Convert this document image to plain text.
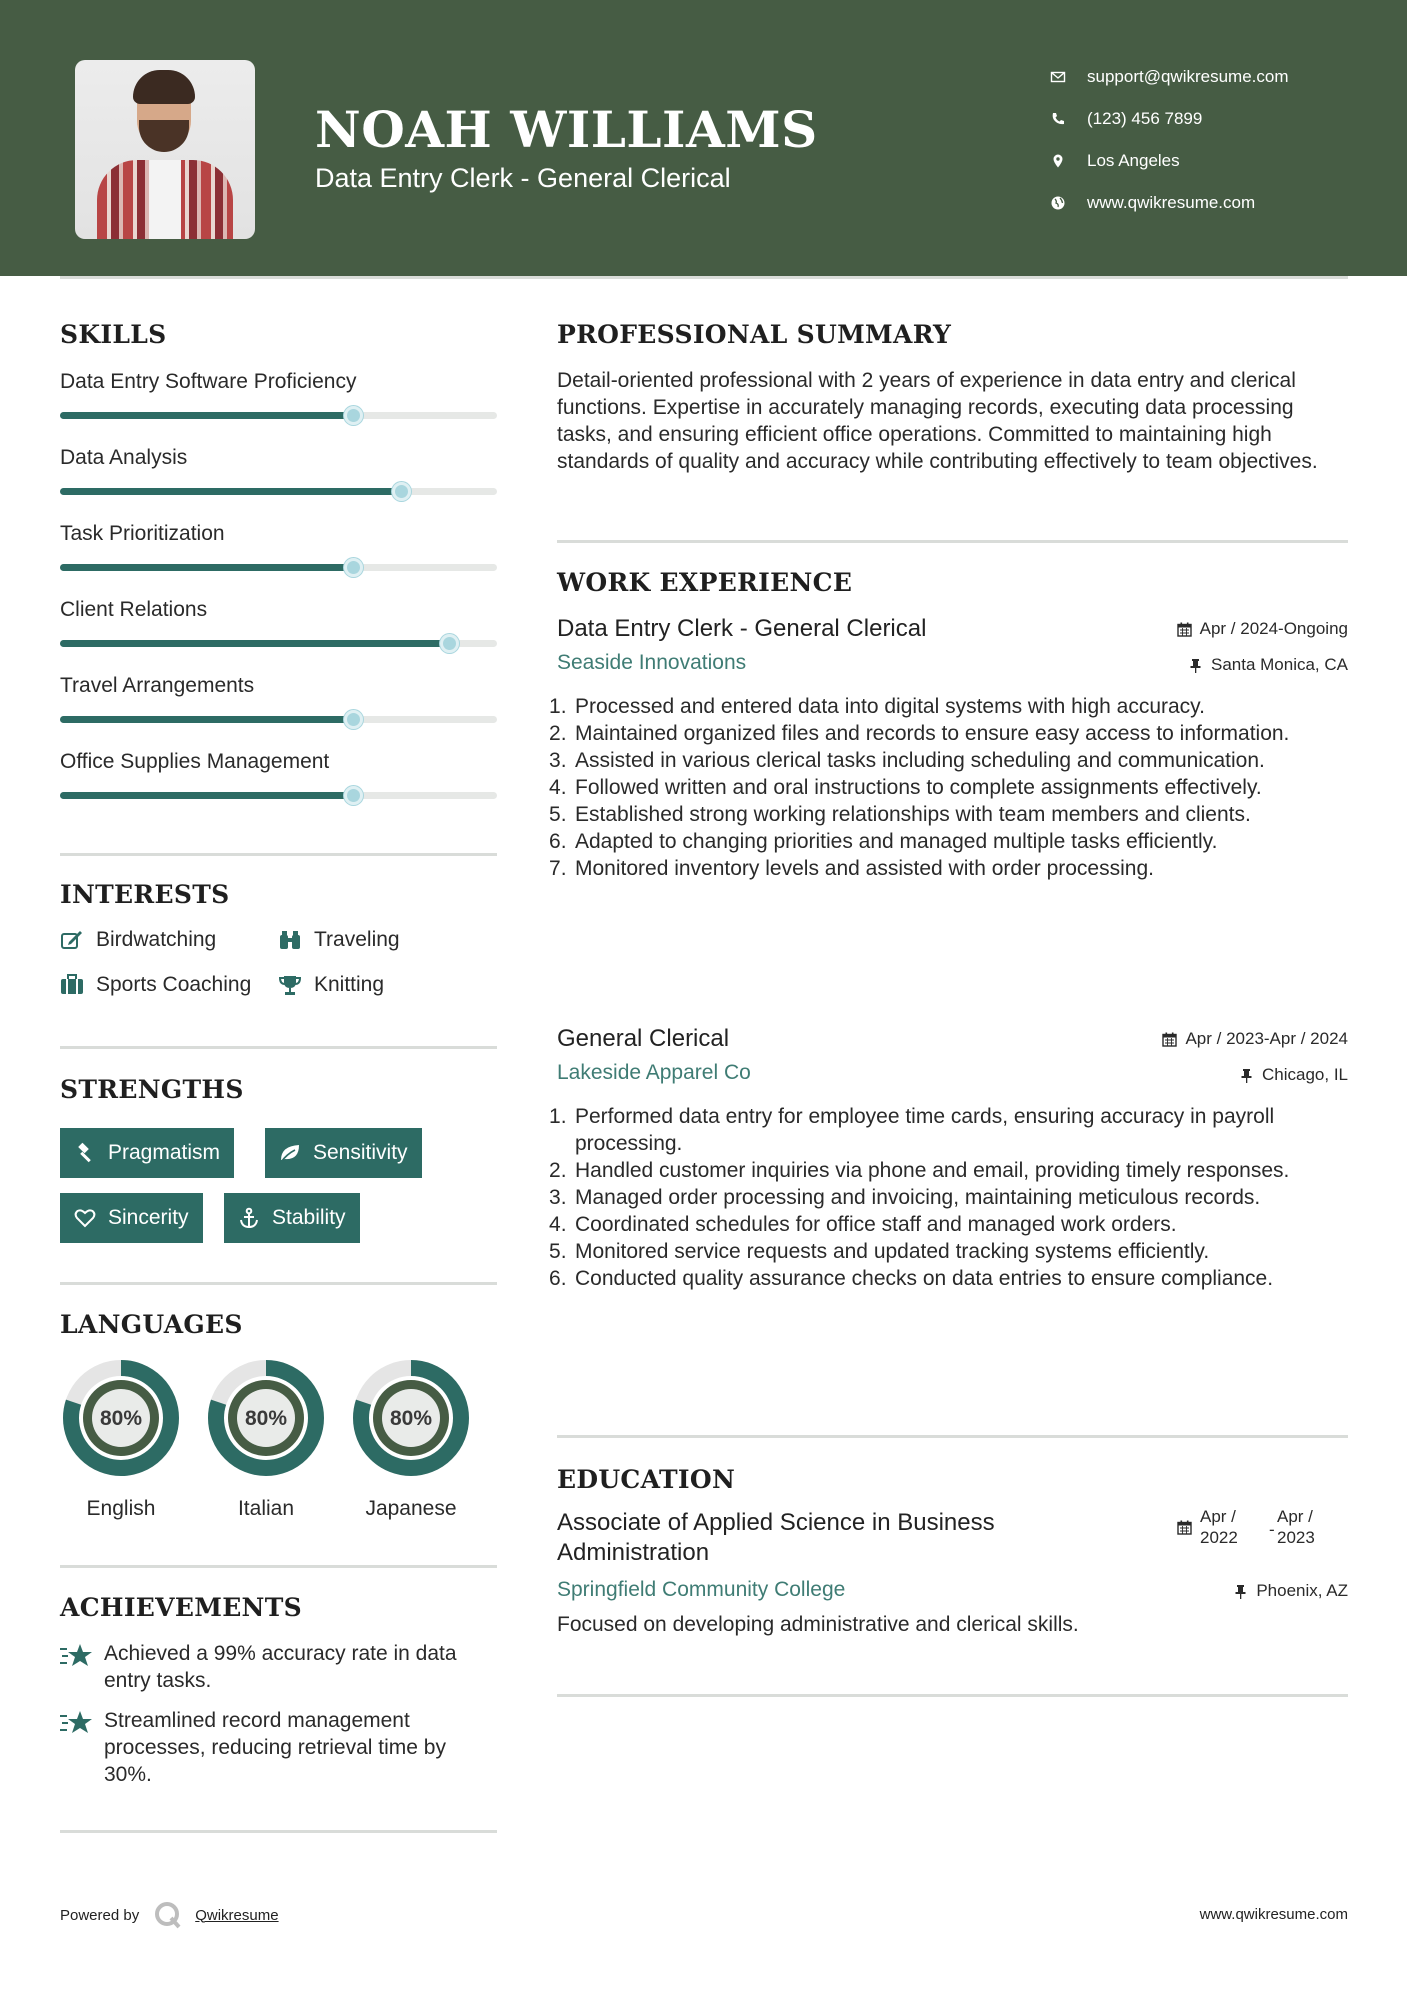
NOAH WILLIAMS
Data Entry Clerk - General Clerical
support@qwikresume.com
(123) 456 7899
Los Angeles
www.qwikresume.com
SKILLS
Data Entry Software Proficiency
Data Analysis
Task Prioritization
Client Relations
Travel Arrangements
Office Supplies Management
INTERESTS
Birdwatching	Traveling
Sports Coaching	Knitting
STRENGTHS
Pragmatism	Sensitivity
Sincerity	Stability
LANGUAGES
80%
English
80%
Italian
80%
Japanese
ACHIEVEMENTS
Achieved a 99% accuracy rate in data entry tasks.
Streamlined record management processes, reducing retrieval time by 30%.
PROFESSIONAL SUMMARY
Detail-oriented professional with 2 years of experience in data entry and clerical functions. Expertise in accurately managing records, executing data processing tasks, and ensuring efficient office operations. Committed to maintaining high standards of quality and accuracy while contributing effectively to team objectives.
WORK EXPERIENCE
Data Entry Clerk - General Clerical	Apr / 2024-Ongoing
Seaside Innovations	Santa Monica, CA
Processed and entered data into digital systems with high accuracy.
Maintained organized files and records to ensure easy access to information.
Assisted in various clerical tasks including scheduling and communication.
Followed written and oral instructions to complete assignments effectively.
Established strong working relationships with team members and clients.
Adapted to changing priorities and managed multiple tasks efficiently.
Monitored inventory levels and assisted with order processing.
General Clerical	Apr / 2023-Apr / 2024
Lakeside Apparel Co	Chicago, IL
Performed data entry for employee time cards, ensuring accuracy in payroll processing.
Handled customer inquiries via phone and email, providing timely responses.
Managed order processing and invoicing, maintaining meticulous records.
Coordinated schedules for office staff and managed work orders.
Monitored service requests and updated tracking systems efficiently.
Conducted quality assurance checks on data entries to ensure compliance.
EDUCATION
Associate of Applied Science in Business Administration
Apr /
2022 -
Apr /
2023
Springfield Community College	Phoenix, AZ
Focused on developing administrative and clerical skills.
Powered by	Qwikresume	www.qwikresume.com
